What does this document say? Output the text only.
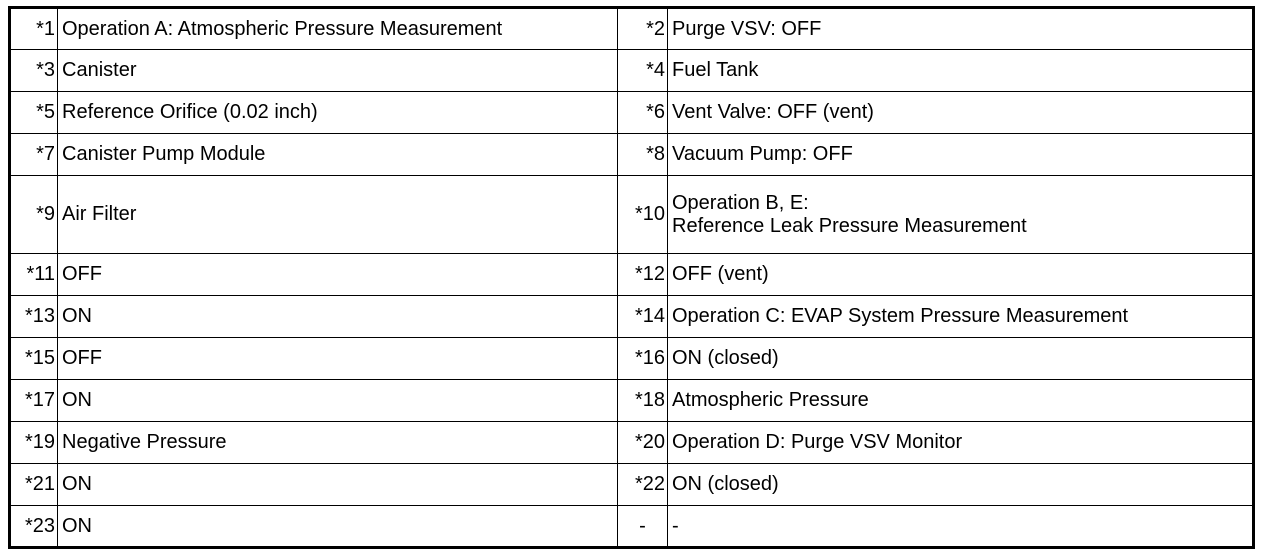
*1	Operation A: Atmospheric Pressure Measurement	*2	Purge VSV: OFF
*3	Canister	*4	Fuel Tank
*5	Reference Orifice (0.02 inch)	*6	Vent Valve: OFF (vent)
*7	Canister Pump Module	*8	Vacuum Pump: OFF
*9	Air Filter	*10	Operation B, E:
Reference Leak Pressure Measurement
*11	OFF	*12	OFF (vent)
*13	ON	*14	Operation C: EVAP System Pressure Measurement
*15	OFF	*16	ON (closed)
*17	ON	*18	Atmospheric Pressure
*19	Negative Pressure	*20	Operation D: Purge VSV Monitor
*21	ON	*22	ON (closed)
*23	ON	-	-
